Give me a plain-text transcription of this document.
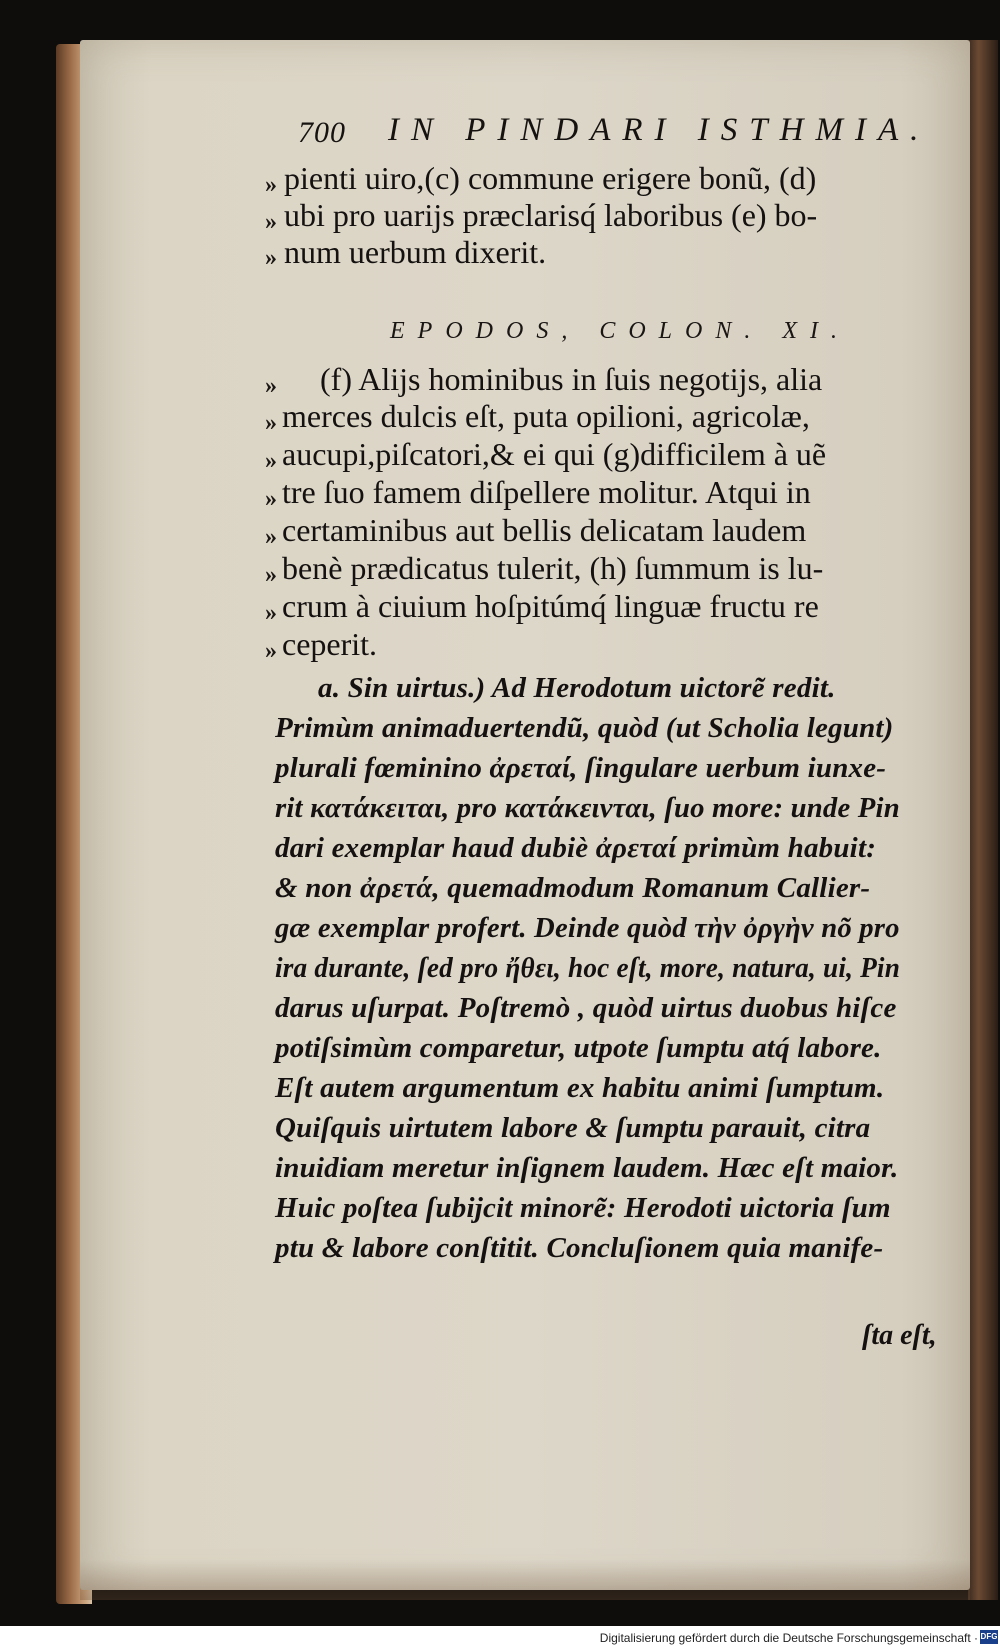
700 IN PINDARI ISTHMIA.
» pienti uiro,(c) commune erigere bonũ, (d)
» ubi pro uarijs præclarisq́ laboribus (e) bo-
» num uerbum dixerit.
EPODOS, COLON. XI.
»	(f) Alijs hominibus in ſuis negotijs, alia
» merces dulcis eſt, puta opilioni, agricolæ,
» aucupi,piſcatori,& ei qui (g)difficilem à uẽ
» tre ſuo famem diſpellere molitur. Atqui in
» certaminibus aut bellis delicatam laudem
» benè prædicatus tulerit, (h) ſummum is lu-
» crum à ciuium hoſpitúmq́ linguæ fructu re
» ceperit.
a. Sin uirtus.) Ad Herodotum uictorẽ redit.
Primùm animaduertendũ, quòd (ut Scholia legunt)
plurali fœminino ἀρεταί, ſingulare uerbum iunxe-
rit κατάκειται, pro κατάκεινται, ſuo more: unde Pin
dari exemplar haud dubiè ἀρεταί primùm habuit:
& non ἀρετά, quemadmodum Romanum Callier-
gæ exemplar profert. Deinde quòd τὴν ὀργὴν nõ pro
ira durante, ſed pro ἤθει, hoc eſt, more, natura, ui, Pin
darus uſurpat. Poſtremò , quòd uirtus duobus hiſce
potiſsimùm comparetur, utpote ſumptu atq́ labore.
Eſt autem argumentum ex habitu animi ſumptum.
Quiſquis uirtutem labore & ſumptu parauit, citra
inuidiam meretur inſignem laudem. Hæc eſt maior.
Huic poſtea ſubijcit minorẽ: Herodoti uictoria ſum
ptu & labore conſtitit. Concluſionem quia manife-
ſta eſt,
Digitalisierung gefördert durch die Deutsche Forschungsgemeinschaft · DFG
